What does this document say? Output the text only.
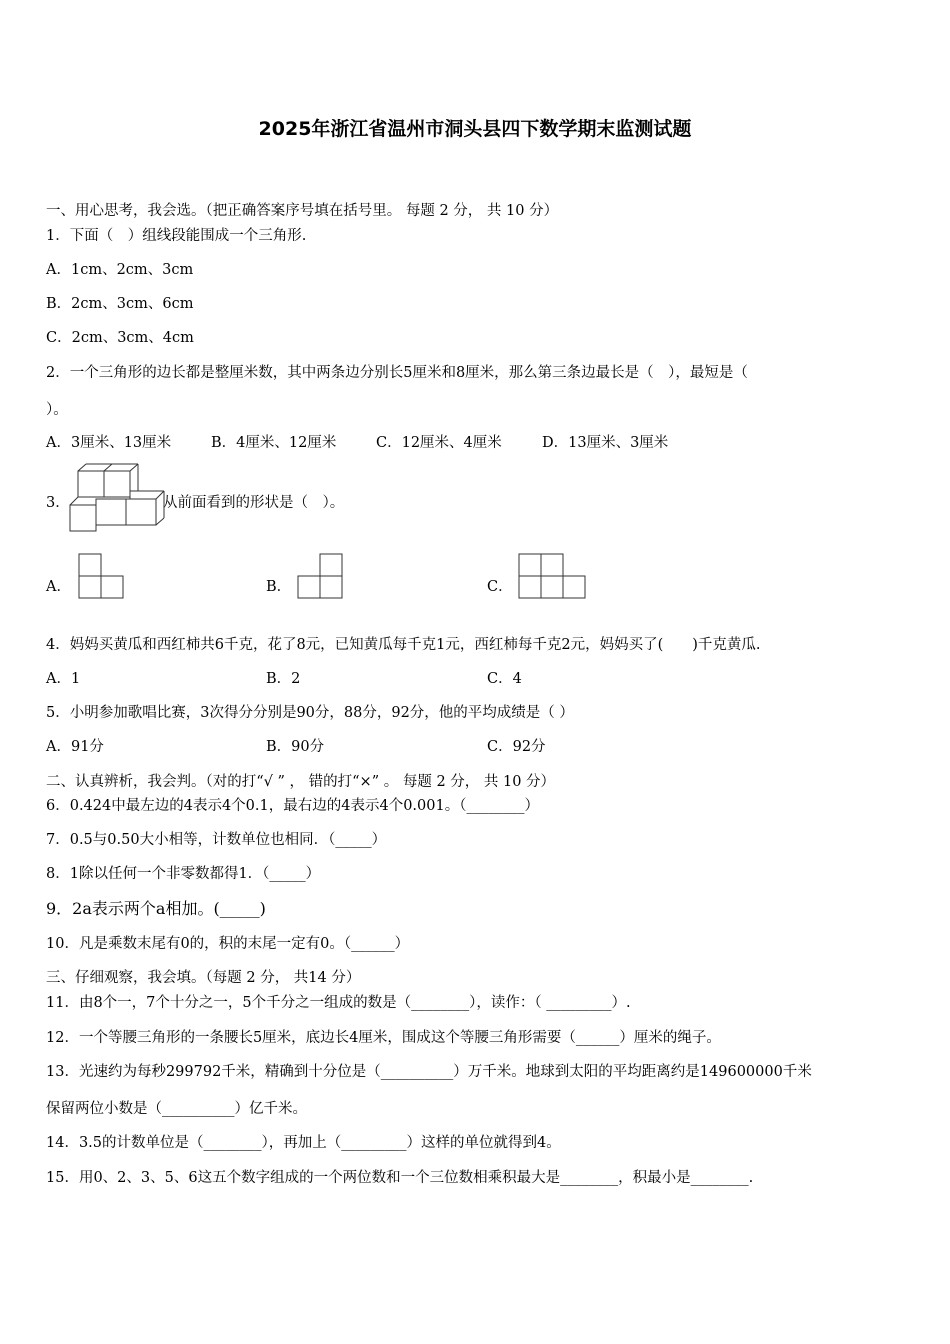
2025年浙江省温州市洞头县四下数学期末监测试题
一、用心思考，我会选。（把正确答案序号填在括号里。 每题 2 分， 共 10 分）
1．下面（　）组线段能围成一个三角形.
A．1cm、2cm、3cm
B．2cm、3cm、6cm
C．2cm、3cm、4cm
2．一个三角形的边长都是整厘米数，其中两条边分别长5厘米和8厘米，那么第三条边最长是（　），最短是（
）。
A．3厘米、13厘米	B．4厘米、12厘米	C．12厘米、4厘米	D．13厘米、3厘米
3．	从前面看到的形状是（　）。
A．	B．	C．
4．妈妈买黄瓜和西红柿共6千克，花了8元，已知黄瓜每千克1元，西红柿每千克2元，妈妈买了(　　)千克黄瓜.
A．1	B．2	C．4
5．小明参加歌唱比赛，3次得分分别是90分，88分，92分，他的平均成绩是（ ）
A．91分	B．90分	C．92分
二、认真辨析，我会判。（对的打“√ ” ， 错的打“×” 。 每题 2 分， 共 10 分）
6．0.424中最左边的4表示4个0.1，最右边的4表示4个0.001。（________）
7．0.5与0.50大小相等，计数单位也相同．（_____）
8．1除以任何一个非零数都得1．（_____）
9．2a表示两个a相加。(_____)
10．凡是乘数末尾有0的，积的末尾一定有0。（______）
三、仔细观察，我会填。（每题 2 分， 共14 分）
11．由8个一，7个十分之一，5个千分之一组成的数是（________），读作：（ _________）.
12．一个等腰三角形的一条腰长5厘米，底边长4厘米，围成这个等腰三角形需要（______）厘米的绳子。
13．光速约为每秒299792千米，精确到十分位是（__________）万千米。地球到太阳的平均距离约是149600000千米
保留两位小数是（__________）亿千米。
14．3.5的计数单位是（________），再加上（_________）这样的单位就得到4。
15．用0、2、3、5、6这五个数字组成的一个两位数和一个三位数相乘积最大是________，积最小是________.
